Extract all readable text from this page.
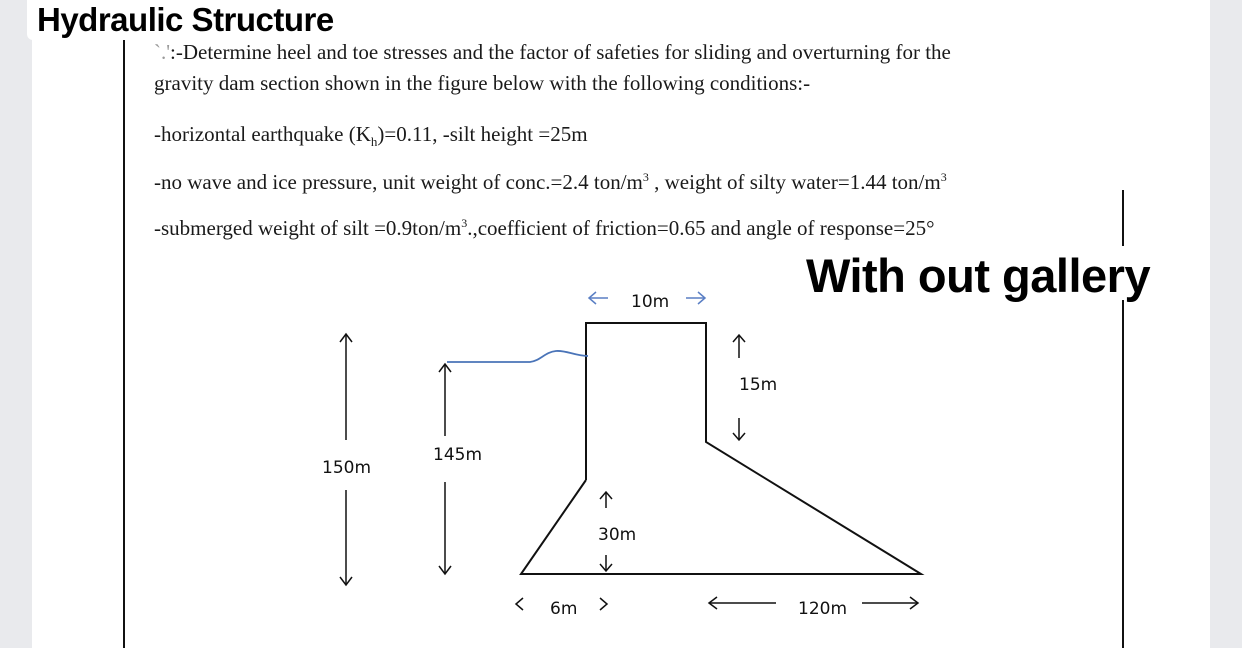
Hydraulic Structure
`.':-Determine heel and toe stresses and the factor of safeties for sliding and overturning for the
gravity dam section shown in the figure below with the following conditions:-
-horizontal earthquake $(K_h)=0.11$, -silt height =25m
-no wave and ice pressure, unit weight of conc.=2.4 ton/$m^3$ , weight of silty water=1.44 ton/$m^3$
-submerged weight of silt $=0.9ton/m^3.,coefficient$ of friction=0.65 and angle of response=25°
With out gallery
10m
15m
150m
145m
30m
6m	120m
